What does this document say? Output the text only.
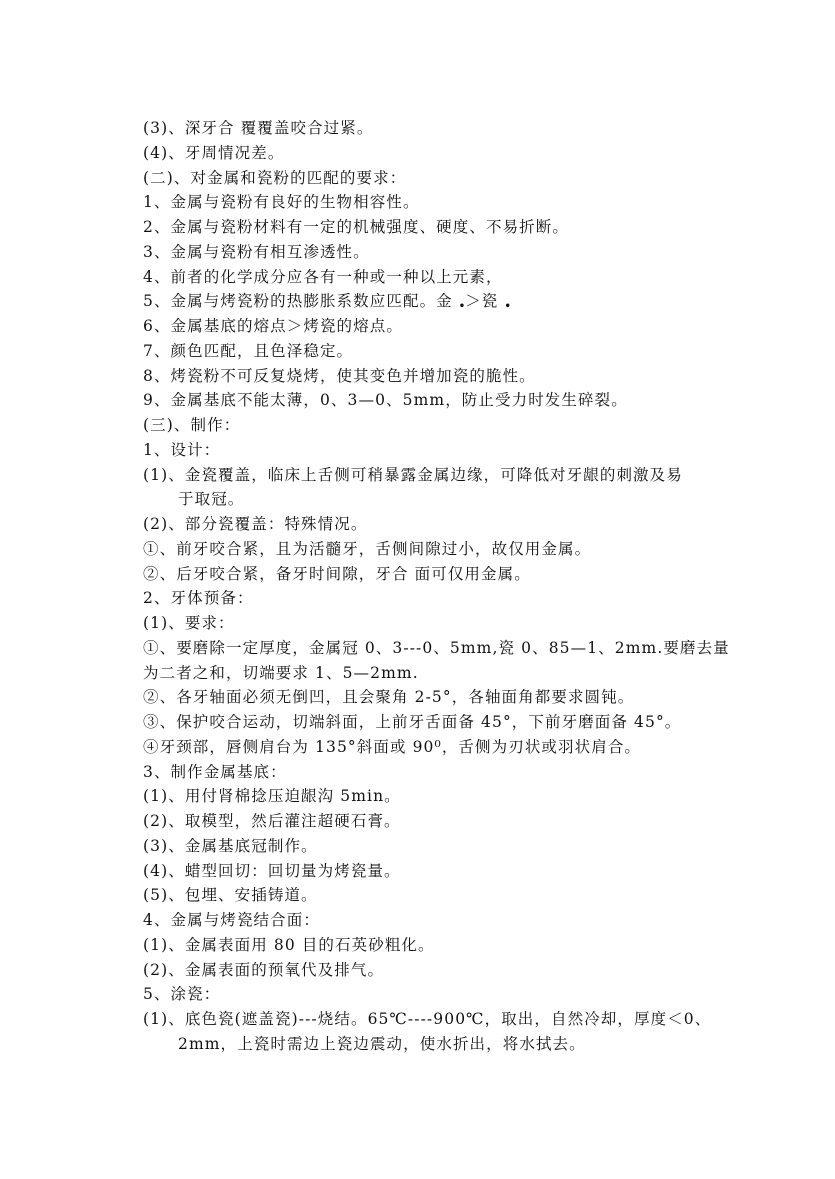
(3)、深牙合 覆覆盖咬合过紧。
(4)、牙周情况差。
(二)、对金属和瓷粉的匹配的要求：
1、金属与瓷粉有良好的生物相容性。
2、金属与瓷粉材料有一定的机械强度、硬度、不易折断。
3、金属与瓷粉有相互渗透性。
4、前者的化学成分应各有一种或一种以上元素，
5、金属与烤瓷粉的热膨胀系数应匹配。金 •＞瓷 •
6、金属基底的熔点＞烤瓷的熔点。
7、颜色匹配，且色泽稳定。
8、烤瓷粉不可反复烧烤，使其变色并增加瓷的脆性。
9、金属基底不能太薄，0、3—0、5mm，防止受力时发生碎裂。
(三)、制作：
1、设计：
(1)、金瓷覆盖，临床上舌侧可稍暴露金属边缘，可降低对牙龈的刺激及易
于取冠。
(2)、部分瓷覆盖：特殊情况。
①、前牙咬合紧，且为活髓牙，舌侧间隙过小，故仅用金属。
②、后牙咬合紧，备牙时间隙，牙合 面可仅用金属。
2、牙体预备：
(1)、要求：
①、要磨除一定厚度，金属冠 0、3---0、5mm,瓷 0、85—1、2mm.要磨去量
为二者之和，切端要求 1、5—2mm.
②、各牙轴面必须无倒凹，且会聚角 2-5°，各轴面角都要求圆钝。
③、保护咬合运动，切端斜面，上前牙舌面备 45°，下前牙磨面备 45°。
④牙颈部，唇侧肩台为 135°斜面或 90⁰，舌侧为刃状或羽状肩合。
3、制作金属基底：
(1)、用付肾棉捻压迫龈沟 5min。
(2)、取模型，然后灌注超硬石膏。
(3)、金属基底冠制作。
(4)、蜡型回切：回切量为烤瓷量。
(5)、包埋、安插铸道。
4、金属与烤瓷结合面：
(1)、金属表面用 80 目的石英砂粗化。
(2)、金属表面的预氧代及排气。
5、涂瓷：
(1)、底色瓷(遮盖瓷)---烧结。65℃----900℃，取出，自然冷却，厚度＜0、
2mm，上瓷时需边上瓷边震动，使水折出，将水拭去。
